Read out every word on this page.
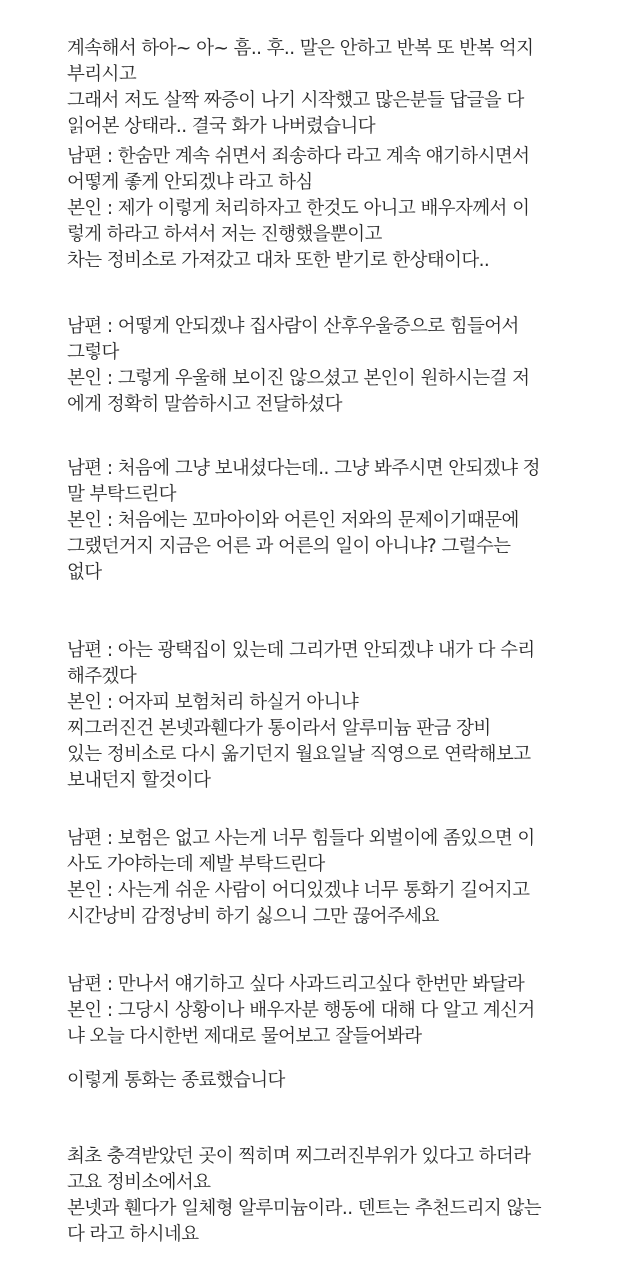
계속해서 하아~ 아~ 흠.. 후.. 말은 안하고 반복 또 반복 억지

부리시고

그래서 저도 살짝 짜증이 나기 시작했고 많은분들 답글을 다

읽어본 상태라.. 결국 화가 나버렸습니다

남편 : 한숨만 계속 쉬면서 죄송하다 라고 계속 얘기하시면서

어떻게 좋게 안되겠냐 라고 하심

본인 : 제가 이렇게 처리하자고 한것도 아니고 배우자께서 이

렇게 하라고 하셔서 저는 진행했을뿐이고

차는 정비소로 가져갔고 대차 또한 받기로 한상태이다..

남편 : 어떻게 안되겠냐 집사람이 산후우울증으로 힘들어서

그렇다

본인 : 그렇게 우울해 보이진 않으셨고 본인이 원하시는걸 저

에게 정확히 말씀하시고 전달하셨다

남편 : 처음에 그냥 보내셨다는데.. 그냥 봐주시면 안되겠냐 정

말 부탁드린다

본인 : 처음에는 꼬마아이와 어른인 저와의 문제이기때문에

그랬던거지 지금은 어른 과 어른의 일이 아니냐? 그럴수는

없다

남편 : 아는 광택집이 있는데 그리가면 안되겠냐 내가 다 수리

해주겠다

본인 : 어자피 보험처리 하실거 아니냐

찌그러진건 본넷과휀다가 통이라서 알루미늄 판금 장비

있는 정비소로 다시 옮기던지 월요일날 직영으로 연락해보고

보내던지 할것이다

남편 : 보험은 없고 사는게 너무 힘들다 외벌이에 좀있으면 이

사도 가야하는데 제발 부탁드린다

본인 : 사는게 쉬운 사람이 어디있겠냐 너무 통화기 길어지고

시간낭비 감정낭비 하기 싫으니 그만 끊어주세요

남편 : 만나서 얘기하고 싶다 사과드리고싶다 한번만 봐달라

본인 : 그당시 상황이나 배우자분 행동에 대해 다 알고 계신거

냐 오늘 다시한번 제대로 물어보고 잘들어봐라

이렇게 통화는 종료했습니다

최초 충격받았던 곳이 찍히며 찌그러진부위가 있다고 하더라

고요 정비소에서요

본넷과 휀다가 일체형 알루미늄이라.. 덴트는 추천드리지 않는

다 라고 하시네요
